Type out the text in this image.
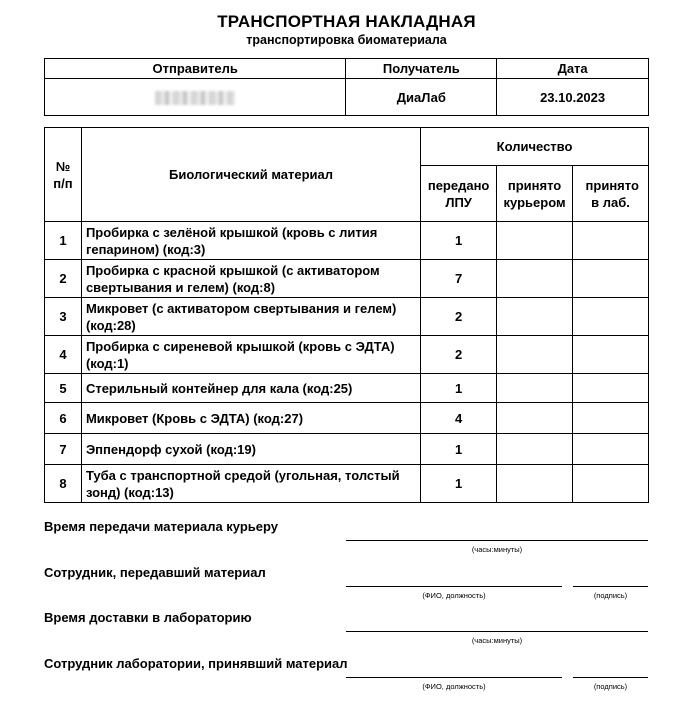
ТРАНСПОРТНАЯ НАКЛАДНАЯ
транспортировка биоматериала
Отправитель	Получатель	Дата
	ДиаЛаб	23.10.2023
№ п/п	Биологический материал	Количество		

		передано ЛПУ	принято курьером	принято в лаб.

1	Пробирка с зелёной крышкой (кровь с лития гепарином) (код:3)	1		
2	Пробирка с красной крышкой (с активатором свертывания и гелем) (код:8)	7		
3	Микровет (с активатором свертывания и гелем) (код:28)	2		
4	Пробирка с сиреневой крышкой (кровь с ЭДТА) (код:1)	2		
5	Стерильный контейнер для кала (код:25)	1		
6	Микровет (Кровь с ЭДТА) (код:27)	4		
7	Эппендорф сухой (код:19)	1		
8	Туба с транспортной средой (угольная, толстый зонд) (код:13)	1		
Время передачи материала курьеру
(часы:минуты)
Сотрудник, передавший материал
(ФИО, должность)	(подпись)
Время доставки в лабораторию
(часы:минуты)
Сотрудник лаборатории, принявший материал
(ФИО, должность)	(подпись)
